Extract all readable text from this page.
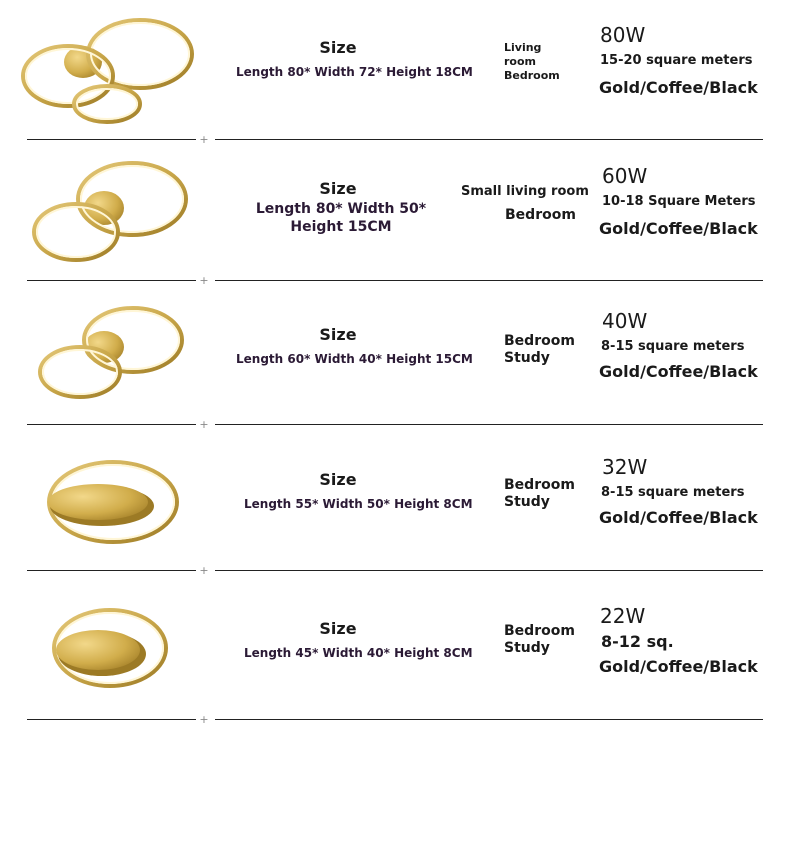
Size
Length 80* Width 72* Height 18CM
Living
room
Bedroom
80W
15-20 square meters
Gold/Coffee/Black
+
Size
Length 80* Width 50* Height 15CM
Small living room
Bedroom
60W
10-18 Square Meters
Gold/Coffee/Black
+
Size
Length 60* Width 40* Height 15CM
Bedroom
Study
40W
8-15 square meters
Gold/Coffee/Black
+
Size
Length 55* Width 50* Height 8CM
Bedroom
Study
32W
8-15 square meters
Gold/Coffee/Black
+
Size
Length 45* Width 40* Height 8CM
Bedroom
Study
22W
8-12 sq.
Gold/Coffee/Black
+
